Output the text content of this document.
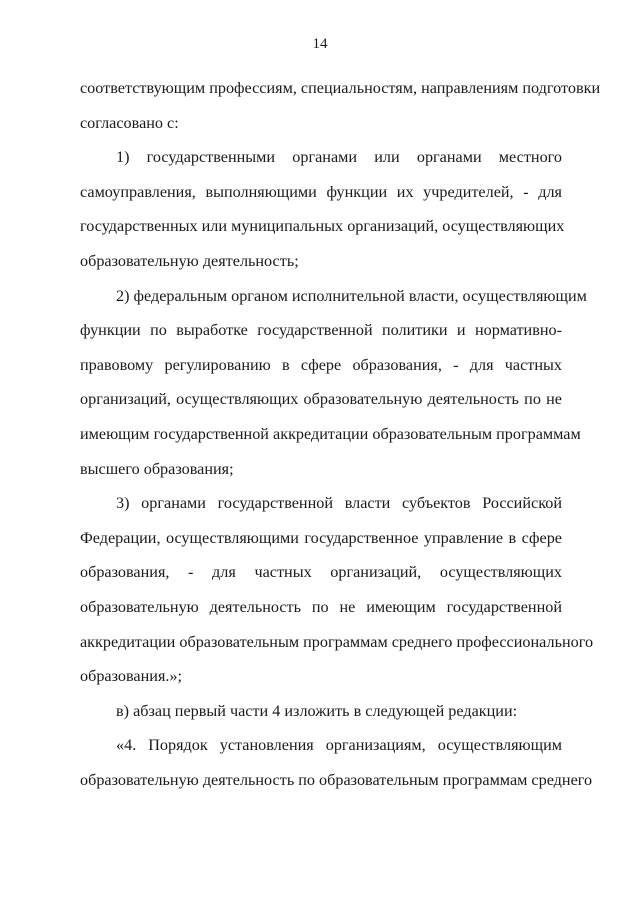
14
соответствующим профессиям, специальностям, направлениям подготовки
согласовано с:
1) государственными органами или органами местного
самоуправления, выполняющими функции их учредителей, - для
государственных или муниципальных организаций, осуществляющих
образовательную деятельность;
2) федеральным органом исполнительной власти, осуществляющим
функции по выработке государственной политики и нормативно-
правовому регулированию в сфере образования, - для частных
организаций, осуществляющих образовательную деятельность по не
имеющим государственной аккредитации образовательным программам
высшего образования;
3) органами государственной власти субъектов Российской
Федерации, осуществляющими государственное управление в сфере
образования, - для частных организаций, осуществляющих
образовательную деятельность по не имеющим государственной
аккредитации образовательным программам среднего профессионального
образования.»;
в) абзац первый части 4 изложить в следующей редакции:
«4. Порядок установления организациям, осуществляющим
образовательную деятельность по образовательным программам среднего
